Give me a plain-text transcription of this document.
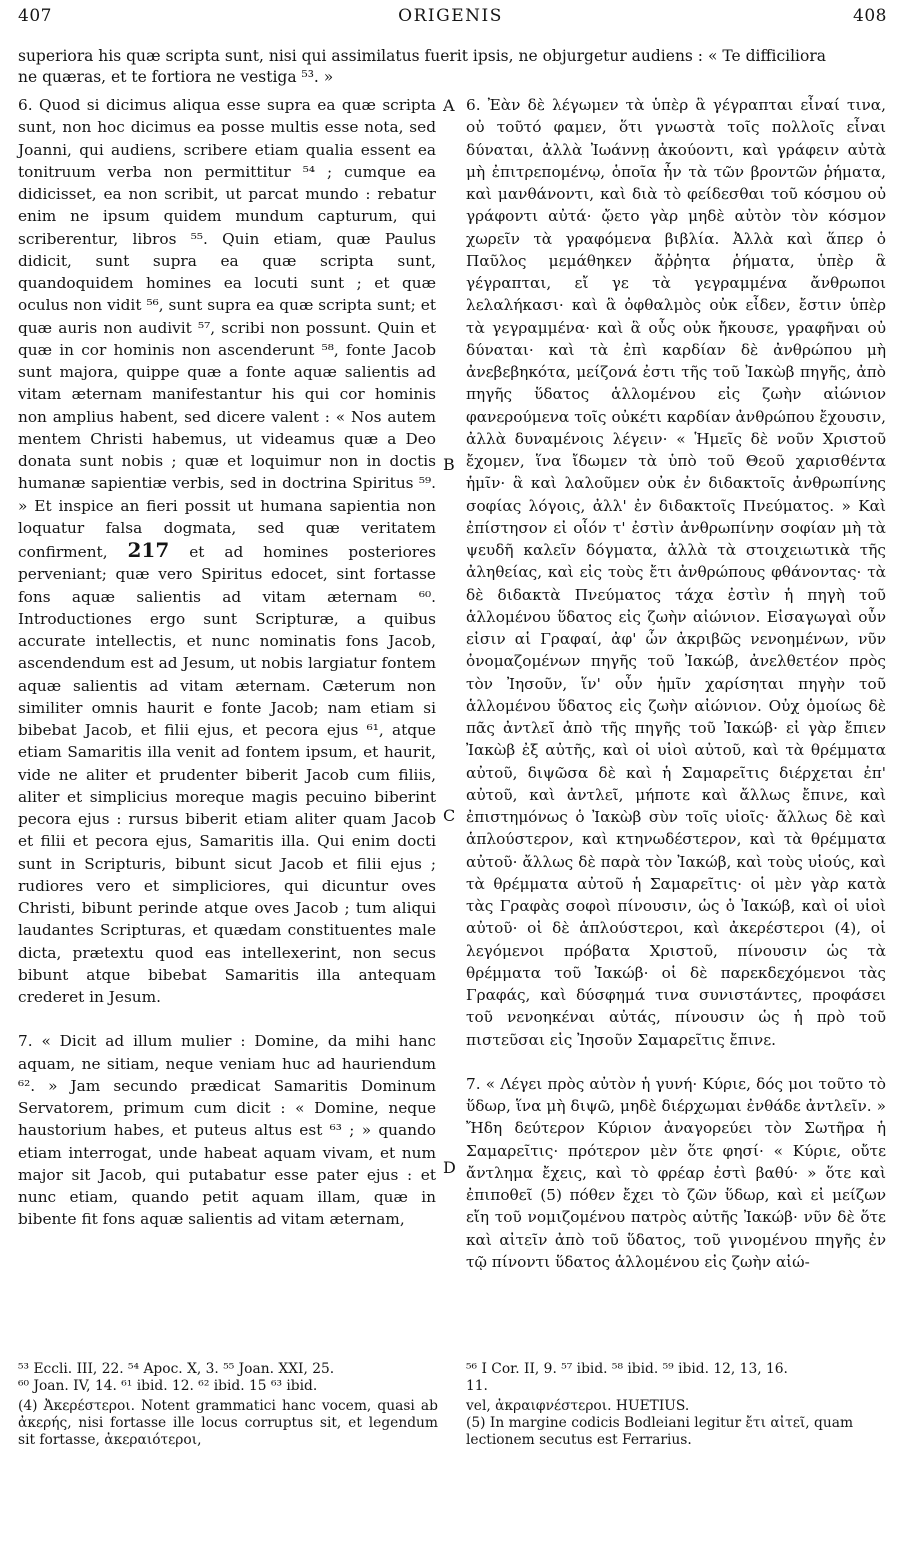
407	ORIGENIS	408
superiora his quæ scripta sunt, nisi qui assimilatus fuerit ipsis, ne objurgetur audiens : « Te difficiliora
ne quæras, et te fortiora ne vestiga ⁵³. »

6. Quod si dicimus aliqua esse supra ea quæ scripta sunt, non hoc dicimus ea posse multis esse nota, sed Joanni, qui audiens, scribere etiam qualia essent ea tonitruum verba non permittitur ⁵⁴ ; cumque ea didicisset, ea non scribit, ut parcat mundo : rebatur enim ne ipsum quidem mundum capturum, qui scriberentur, libros ⁵⁵. Quin etiam, quæ Paulus didicit, sunt supra ea quæ scripta sunt, quandoquidem homines ea locuti sunt ; et quæ oculus non vidit ⁵⁶, sunt supra ea quæ scripta sunt; et quæ auris non audivit ⁵⁷, scribi non possunt. Quin et quæ in cor hominis non ascenderunt ⁵⁸, fonte Jacob sunt majora, quippe quæ a fonte aquæ salientis ad vitam æternam manifestantur his qui cor hominis non amplius habent, sed dicere valent : « Nos autem mentem Christi habemus, ut videamus quæ a Deo donata sunt nobis ; quæ et loquimur non in doctis humanæ sapientiæ verbis, sed in doctrina Spiritus ⁵⁹. » Et inspice an fieri possit ut humana sapientia non loquatur falsa dogmata, sed quæ veritatem confirment, 217 et ad homines posteriores perveniant; quæ vero Spiritus edocet, sint fortasse fons aquæ salientis ad vitam æternam ⁶⁰. Introductiones ergo sunt Scripturæ, a quibus accurate intellectis, et nunc nominatis fons Jacob, ascendendum est ad Jesum, ut nobis largiatur fontem aquæ salientis ad vitam æternam. Cæterum non similiter omnis haurit e fonte Jacob; nam etiam si bibebat Jacob, et filii ejus, et pecora ejus ⁶¹, atque etiam Samaritis illa venit ad fontem ipsum, et haurit, vide ne aliter et prudenter biberit Jacob cum filiis, aliter et simplicius moreque magis pecuino biberint pecora ejus : rursus biberit etiam aliter quam Jacob et filii et pecora ejus, Samaritis illa. Qui enim docti sunt in Scripturis, bibunt sicut Jacob et filii ejus ; rudiores vero et simpliciores, qui dicuntur oves Christi, bibunt perinde atque oves Jacob ; tum aliqui laudantes Scripturas, et quædam constituentes male dicta, prætextu quod eas intellexerint, non secus bibunt atque bibebat Samaritis illa antequam crederet in Jesum.

7. « Dicit ad illum mulier : Domine, da mihi hanc aquam, ne sitiam, neque veniam huc ad hauriendum ⁶². » Jam secundo prædicat Samaritis Dominum Servatorem, primum cum dicit : « Domine, neque haustorium habes, et puteus altus est ⁶³ ; » quando etiam interrogat, unde habeat aquam vivam, et num major sit Jacob, qui putabatur esse pater ejus : et nunc etiam, quando petit aquam illam, quæ in bibente fit fons aquæ salientis ad vitam æternam,

6. Ἐὰν δὲ λέγωμεν τὰ ὑπὲρ ἃ γέγραπται εἶναί τινα, οὐ τοῦτό φαμεν, ὅτι γνωστὰ τοῖς πολλοῖς εἶναι δύναται, ἀλλὰ Ἰωάννῃ ἀκούοντι, καὶ γράφειν αὐτὰ μὴ ἐπιτρεπομένῳ, ὁποῖα ἦν τὰ τῶν βροντῶν ῥήματα, καὶ μανθάνοντι, καὶ διὰ τὸ φείδεσθαι τοῦ κόσμου οὐ γράφοντι αὐτά· ᾤετο γὰρ μηδὲ αὐτὸν τὸν κόσμον χωρεῖν τὰ γραφόμενα βιβλία. Ἀλλὰ καὶ ἅπερ ὁ Παῦλος μεμάθηκεν ἄῤῥητα ῥήματα, ὑπὲρ ἃ γέγραπται, εἴ γε τὰ γεγραμμένα ἄνθρωποι λελαλήκασι· καὶ ἃ ὀφθαλμὸς οὐκ εἶδεν, ἔστιν ὑπὲρ τὰ γεγραμμένα· καὶ ἃ οὖς οὐκ ἤκουσε, γραφῆναι οὐ δύναται· καὶ τὰ ἐπὶ καρδίαν δὲ ἀνθρώπου μὴ ἀνεβεβηκότα, μείζονά ἐστι τῆς τοῦ Ἰακὼβ πηγῆς, ἀπὸ πηγῆς ὕδατος ἁλλομένου εἰς ζωὴν αἰώνιον φανερούμενα τοῖς οὐκέτι καρδίαν ἀνθρώπου ἔχουσιν, ἀλλὰ δυναμένοις λέγειν· « Ἡμεῖς δὲ νοῦν Χριστοῦ ἔχομεν, ἵνα ἴδωμεν τὰ ὑπὸ τοῦ Θεοῦ χαρισθέντα ἡμῖν· ἃ καὶ λαλοῦμεν οὐκ ἐν διδακτοῖς ἀνθρωπίνης σοφίας λόγοις, ἀλλ' ἐν διδακτοῖς Πνεύματος. » Καὶ ἐπίστησον εἰ οἷόν τ' ἐστὶν ἀνθρωπίνην σοφίαν μὴ τὰ ψευδῆ καλεῖν δόγματα, ἀλλὰ τὰ στοιχειωτικὰ τῆς ἀληθείας, καὶ εἰς τοὺς ἔτι ἀνθρώπους φθάνοντας· τὰ δὲ διδακτὰ Πνεύματος τάχα ἐστὶν ἡ πηγὴ τοῦ ἁλλομένου ὕδατος εἰς ζωὴν αἰώνιον. Εἰσαγωγαὶ οὖν εἰσιν αἱ Γραφαί, ἀφ' ὧν ἀκριβῶς νενοημένων, νῦν ὀνομαζομένων πηγῆς τοῦ Ἰακώβ, ἀνελθετέον πρὸς τὸν Ἰησοῦν, ἵν' οὖν ἡμῖν χαρίσηται πηγὴν τοῦ ἁλλομένου ὕδατος εἰς ζωὴν αἰώνιον. Οὐχ ὁμοίως δὲ πᾶς ἀντλεῖ ἀπὸ τῆς πηγῆς τοῦ Ἰακώβ· εἰ γὰρ ἔπιεν Ἰακὼβ ἐξ αὐτῆς, καὶ οἱ υἱοὶ αὐτοῦ, καὶ τὰ θρέμματα αὐτοῦ, διψῶσα δὲ καὶ ἡ Σαμαρεῖτις διέρχεται ἐπ' αὐτοῦ, καὶ ἀντλεῖ, μήποτε καὶ ἄλλως ἔπινε, καὶ ἐπιστημόνως ὁ Ἰακὼβ σὺν τοῖς υἱοῖς· ἄλλως δὲ καὶ ἁπλούστερον, καὶ κτηνωδέστερον, καὶ τὰ θρέμματα αὐτοῦ· ἄλλως δὲ παρὰ τὸν Ἰακώβ, καὶ τοὺς υἱούς, καὶ τὰ θρέμματα αὐτοῦ ἡ Σαμαρεῖτις· οἱ μὲν γὰρ κατὰ τὰς Γραφὰς σοφοὶ πίνουσιν, ὡς ὁ Ἰακώβ, καὶ οἱ υἱοὶ αὐτοῦ· οἱ δὲ ἁπλούστεροι, καὶ ἀκερέστεροι (4), οἱ λεγόμενοι πρόβατα Χριστοῦ, πίνουσιν ὡς τὰ θρέμματα τοῦ Ἰακώβ· οἱ δὲ παρεκδεχόμενοι τὰς Γραφάς, καὶ δύσφημά τινα συνιστάντες, προφάσει τοῦ νενοηκέναι αὐτάς, πίνουσιν ὡς ἡ πρὸ τοῦ πιστεῦσαι εἰς Ἰησοῦν Σαμαρεῖτις ἔπινε.

7. « Λέγει πρὸς αὐτὸν ἡ γυνή· Κύριε, δός μοι τοῦτο τὸ ὕδωρ, ἵνα μὴ διψῶ, μηδὲ διέρχωμαι ἐνθάδε ἀντλεῖν. » Ἤδη δεύτερον Κύριον ἀναγορεύει τὸν Σωτῆρα ἡ Σαμαρεῖτις· πρότερον μὲν ὅτε φησί· « Κύριε, οὔτε ἄντλημα ἔχεις, καὶ τὸ φρέαρ ἐστὶ βαθύ· » ὅτε καὶ ἐπιποθεῖ (5) πόθεν ἔχει τὸ ζῶν ὕδωρ, καὶ εἰ μείζων εἴη τοῦ νομιζομένου πατρὸς αὐτῆς Ἰακώβ· νῦν δὲ ὅτε καὶ αἰτεῖν ἀπὸ τοῦ ὕδατος, τοῦ γινομένου πηγῆς ἐν τῷ πίνοντι ὕδατος ἁλλομένου εἰς ζωὴν αἰώ-

A
B
C
D
⁵³ Eccli. III, 22. ⁵⁴ Apoc. X, 3. ⁵⁵ Joan. XXI, 25.
⁶⁰ Joan. IV, 14. ⁶¹ ibid. 12. ⁶² ibid. 15 ⁶³ ibid.
⁵⁶ I Cor. II, 9. ⁵⁷ ibid. ⁵⁸ ibid. ⁵⁹ ibid. 12, 13, 16.
11.
(4) Ἀκερέστεροι. Notent grammatici hanc vocem, quasi ab ἀκερής, nisi fortasse ille locus corruptus sit, et legendum sit fortasse, ἀκεραιότεροι,
vel, ἀκραιφνέστεροι. HUETIUS.
(5) In margine codicis Bodleiani legitur ἔτι αἰτεῖ, quam lectionem secutus est Ferrarius.
